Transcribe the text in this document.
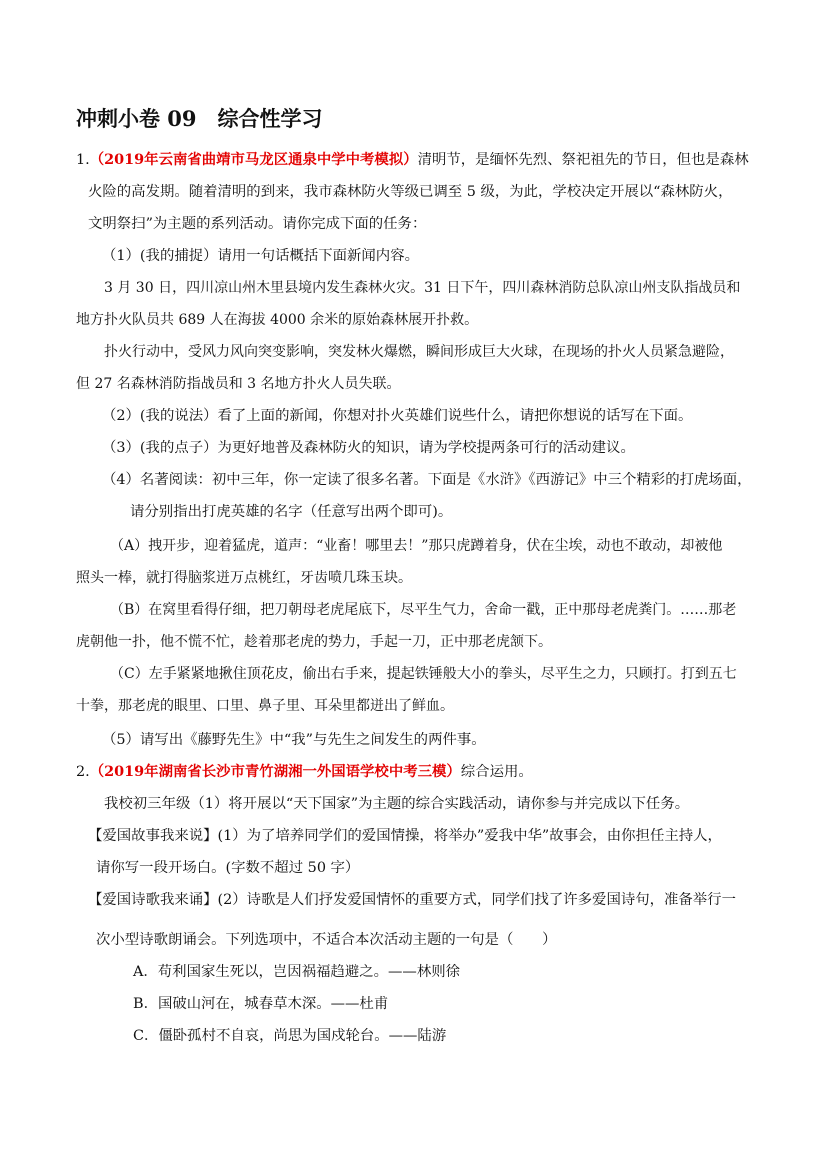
冲刺小卷 09　综合性学习
1.（2019年云南省曲靖市马龙区通泉中学中考模拟）清明节，是缅怀先烈、祭祀祖先的节日，但也是森林
火险的高发期。随着清明的到来，我市森林防火等级已调至 5 级，为此，学校决定开展以“森林防火，
文明祭扫”为主题的系列活动。请你完成下面的任务：
（1）(我的捕捉）请用一句话概括下面新闻内容。
3 月 30 日，四川凉山州木里县境内发生森林火灾。31 日下午，四川森林消防总队凉山州支队指战员和
地方扑火队员共 689 人在海拔 4000 余米的原始森林展开扑救。
扑火行动中，受风力风向突变影响，突发林火爆燃，瞬间形成巨大火球，在现场的扑火人员紧急避险，
但 27 名森林消防指战员和 3 名地方扑火人员失联。
（2）(我的说法）看了上面的新闻，你想对扑火英雄们说些什么，请把你想说的话写在下面。
（3）(我的点子）为更好地普及森林防火的知识，请为学校提两条可行的活动建议。
（4）名著阅读：初中三年，你一定读了很多名著。下面是《水浒》《西游记》中三个精彩的打虎场面，
请分别指出打虎英雄的名字（任意写出两个即可)。
（A）拽开步，迎着猛虎，道声：“业畜！哪里去！”那只虎蹲着身，伏在尘埃，动也不敢动，却被他
照头一棒，就打得脑浆迸万点桃红，牙齿喷几珠玉块。
（B）在窝里看得仔细，把刀朝母老虎尾底下，尽平生气力，舍命一戳，正中那母老虎粪门。……那老
虎朝他一扑，他不慌不忙，趁着那老虎的势力，手起一刀，正中那老虎颔下。
（C）左手紧紧地揪住顶花皮，偷出右手来，提起铁锤般大小的拳头，尽平生之力，只顾打。打到五七
十拳，那老虎的眼里、口里、鼻子里、耳朵里都迸出了鲜血。
（5）请写出《藤野先生》中“我”与先生之间发生的两件事。
2.（2019年湖南省长沙市青竹湖湘一外国语学校中考三模）综合运用。
我校初三年级（1）将开展以“天下国家”为主题的综合实践活动，请你参与并完成以下任务。
【爱国故事我来说】(1）为了培养同学们的爱国情操，将举办”爱我中华”故事会，由你担任主持人，
请你写一段开场白。(字数不超过 50 字）
【爱国诗歌我来诵】(2）诗歌是人们抒发爱国情怀的重要方式，同学们找了许多爱国诗句，准备举行一
次小型诗歌朗诵会。下列选项中，不适合本次活动主题的一句是（　　）
A．苟利国家生死以，岂因祸福趋避之。——林则徐
B．国破山河在，城春草木深。——杜甫
C．僵卧孤村不自哀，尚思为国戍轮台。——陆游
